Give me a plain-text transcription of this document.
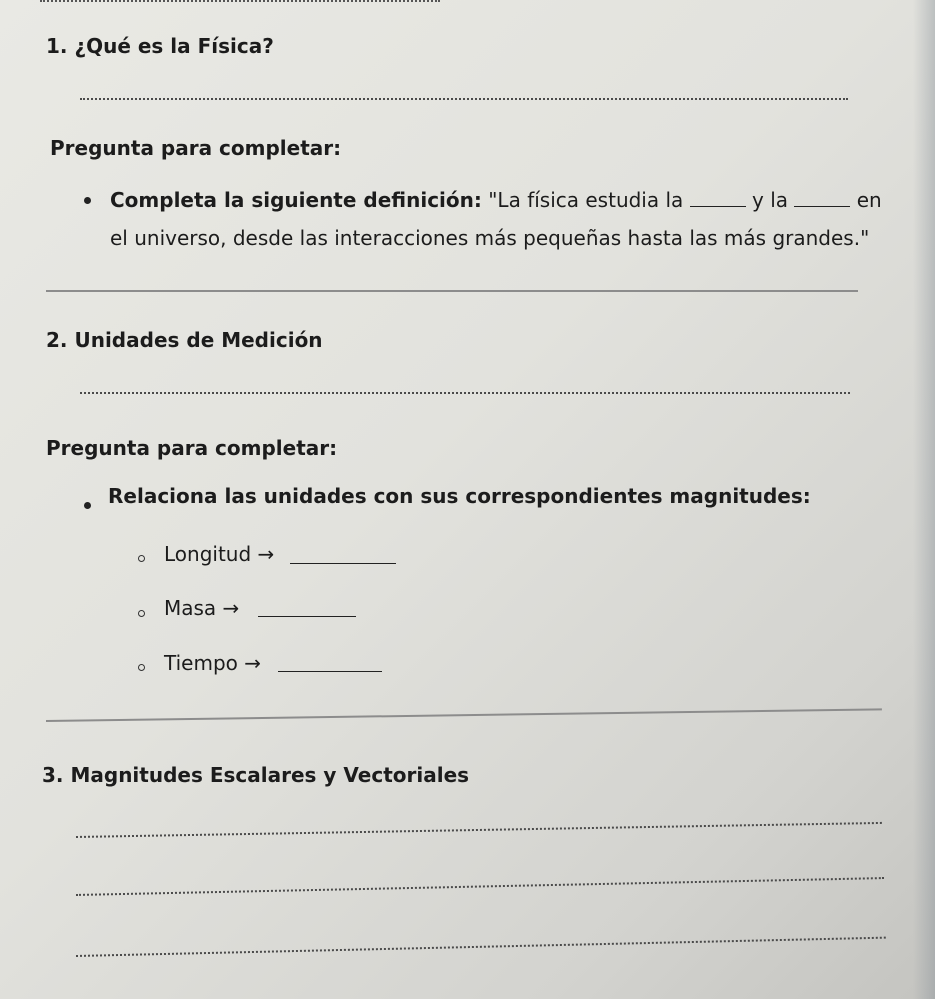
1. ¿Qué es la Física?
Pregunta para completar:
Completa la siguiente definición: "La física estudia la	y la	en
el universo, desde las interacciones más pequeñas hasta las más grandes."
2. Unidades de Medición
Pregunta para completar:
Relaciona las unidades con sus correspondientes magnitudes:
Longitud →
Masa →
Tiempo →
3. Magnitudes Escalares y Vectoriales
